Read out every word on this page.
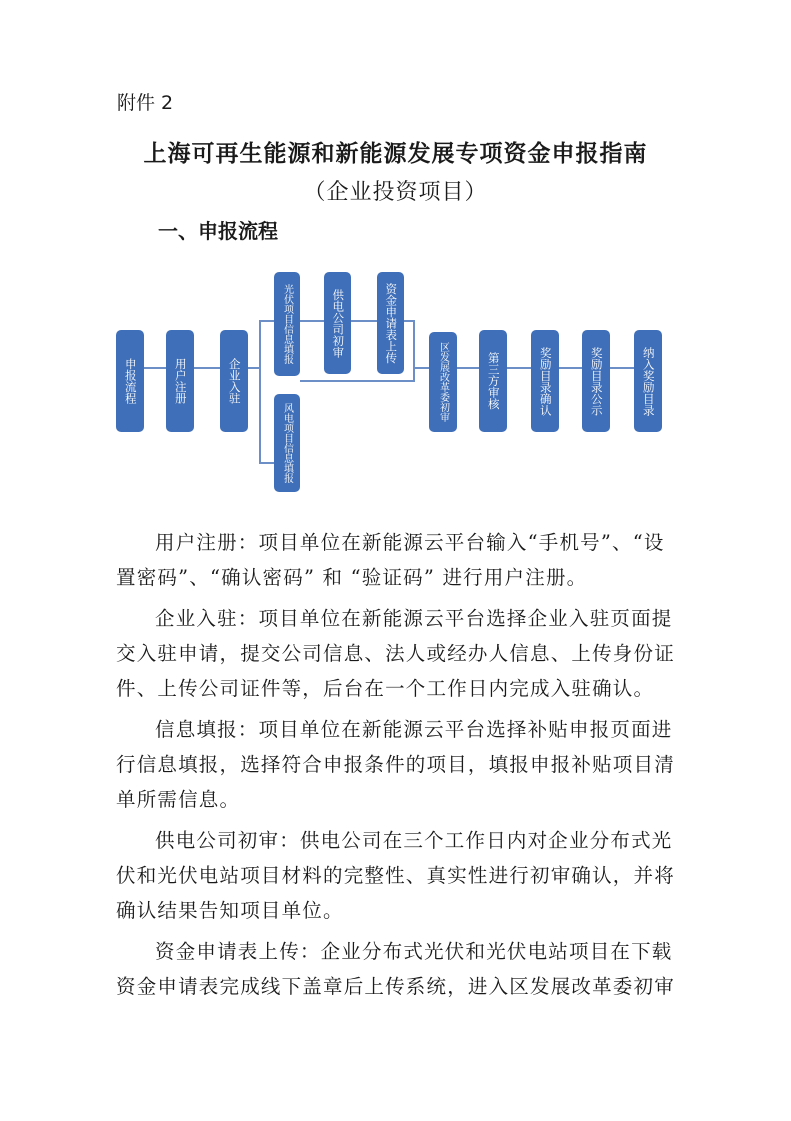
附件 2
上海可再生能源和新能源发展专项资金申报指南
（企业投资项目）
一、申报流程
申报流程	用户注册	企业入驻
光伏项目信息填报
风电项目信息填报
供电公司初审	资金申请表上传
区发展改革委初审	第三方审核	奖励目录确认	奖励目录公示	纳入奖励目录

用户注册：项目单位在新能源云平台输入“手机号”、“设置密码”、“确认密码” 和 “验证码” 进行用户注册。

企业入驻：项目单位在新能源云平台选择企业入驻页面提交入驻申请，提交公司信息、法人或经办人信息、上传身份证件、上传公司证件等，后台在一个工作日内完成入驻确认。

信息填报：项目单位在新能源云平台选择补贴申报页面进行信息填报，选择符合申报条件的项目，填报申报补贴项目清单所需信息。

供电公司初审：供电公司在三个工作日内对企业分布式光伏和光伏电站项目材料的完整性、真实性进行初审确认，并将确认结果告知项目单位。

资金申请表上传：企业分布式光伏和光伏电站项目在下载资金申请表完成线下盖章后上传系统，进入区发展改革委初审
